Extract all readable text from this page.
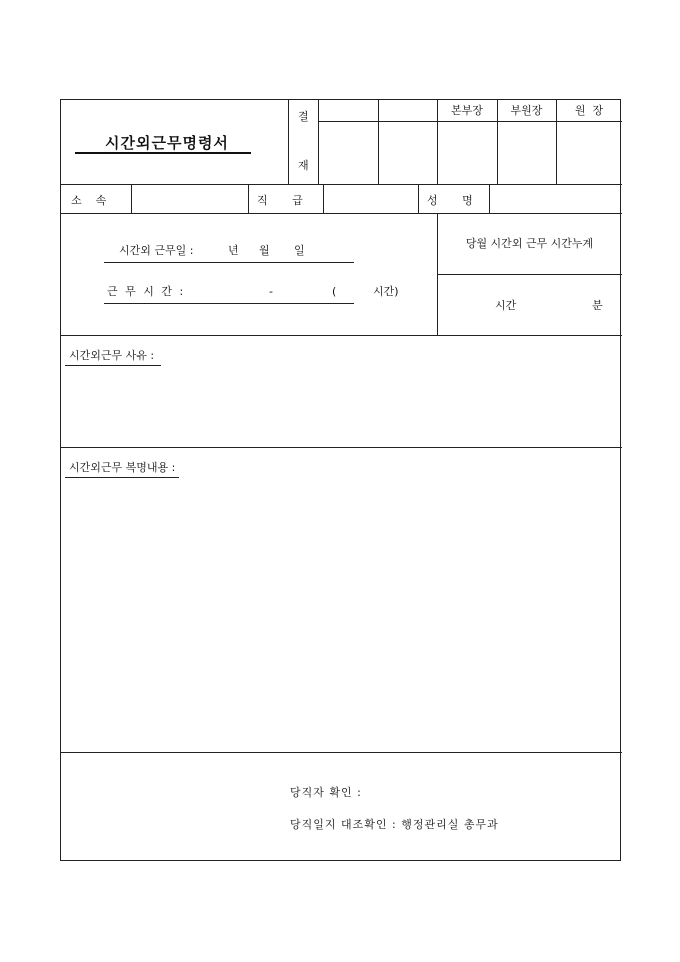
시간외근무명령서
결
재
본부장	부원장	원  장
소    속	직       급	성       명
시간외 근무일 :	년 월 일
근 무 시 간 :	-	(	시간)
당월 시간외 근무 시간누계
시간	분
시간외근무 사유 :
시간외근무 복명내용 :
당직자 확인 :
당직일지 대조확인 : 행정관리실 총무과
